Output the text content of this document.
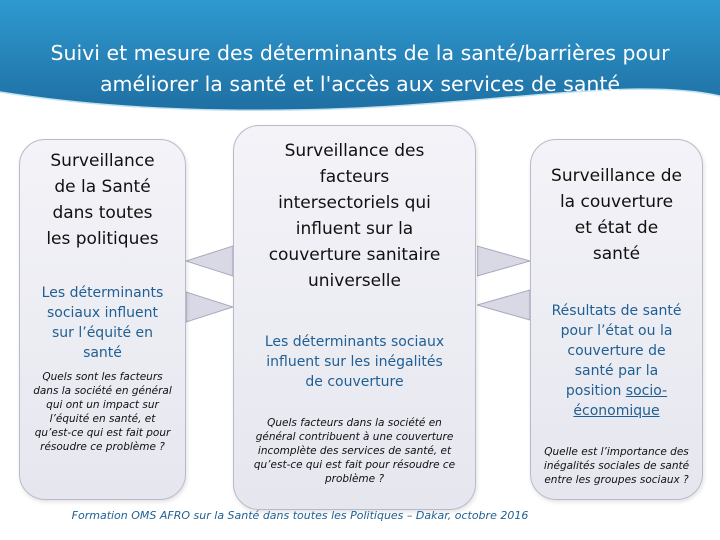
Suivi et mesure des déterminants de la santé/barrières pour
améliorer la santé et l'accès aux services de santé
Surveillance
de la Santé
dans toutes
les politiques
Les déterminants
sociaux influent
sur l’équité en
santé
Quels sont les facteurs
dans la société en général
qui ont un impact sur
l’équité en santé, et
qu’est-ce qui est fait pour
résoudre ce problème ?
Surveillance des
facteurs
intersectoriels qui
influent sur la
couverture sanitaire
universelle
Les déterminants sociaux
influent sur les inégalités
de couverture
Quels facteurs dans la société en
général contribuent à une couverture
incomplète des services de santé, et
qu’est-ce qui est fait pour résoudre ce
problème ?
Surveillance de
la couverture
et état de
santé
Résultats de santé
pour l’état ou la
couverture de
santé par la
position socio-
économique
Quelle est l’importance des
inégalités sociales de santé
entre les groupes sociaux ?
Formation OMS AFRO sur la Santé dans toutes les Politiques – Dakar, octobre 2016
